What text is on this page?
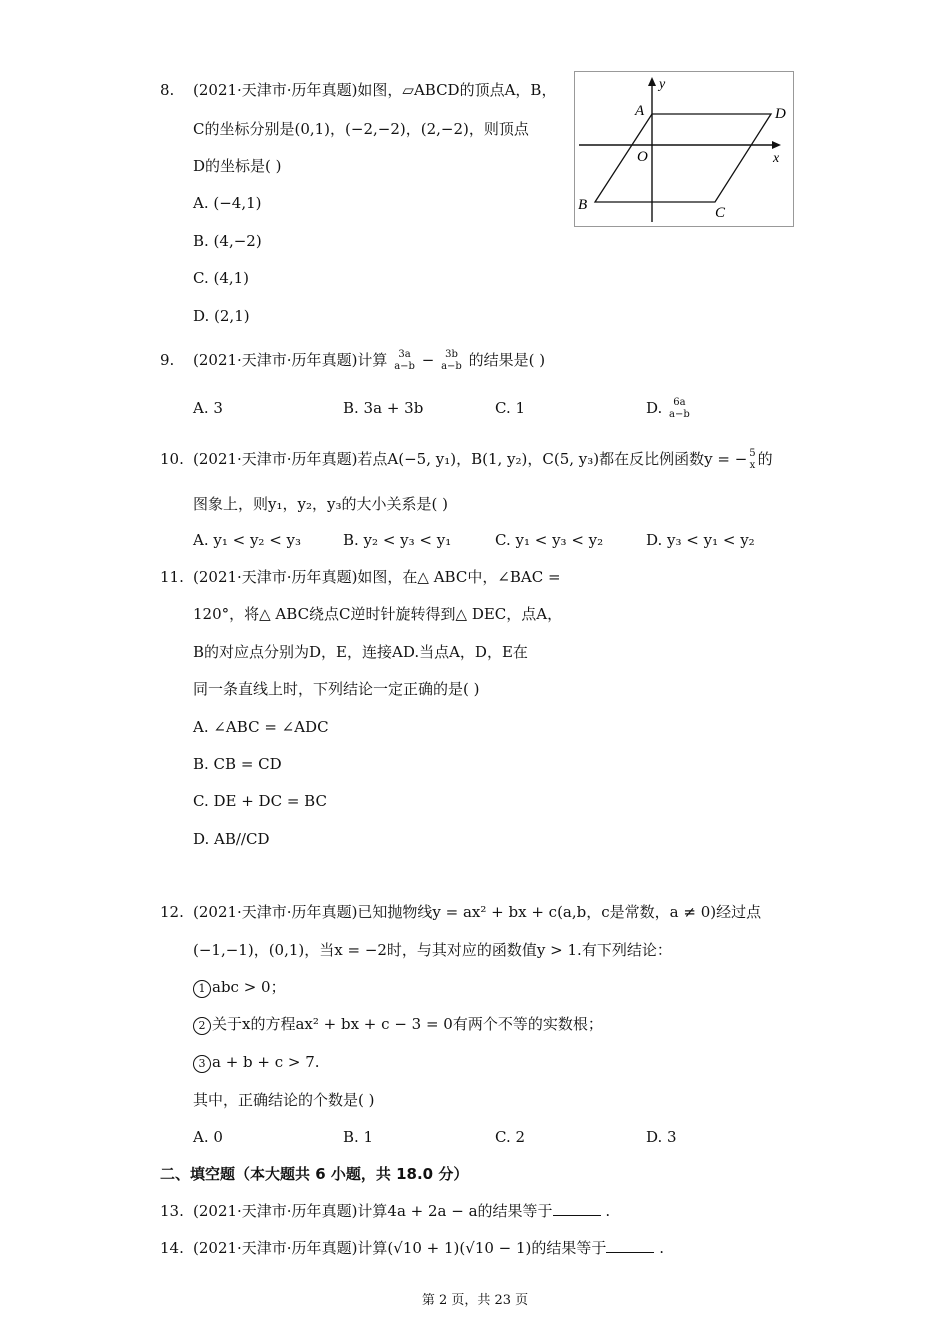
8. (2021·天津市·历年真题)如图，▱ABCD的顶点A，B，
C的坐标分别是(0,1)，(−2,−2)，(2,−2)，则顶点
D的坐标是( )
A. (−4,1)
B. (4,−2)
C. (4,1)
D. (2,1)
A	D
O	x
y
B	C
9. (2021·天津市·历年真题)计算	3a
a−b −	3b
a−b 的结果是( )
A. 3	B. 3a + 3b	C. 1	D.	6a
a−b
10. (2021·天津市·历年真题)若点A(−5, y₁)，B(1, y₂)，C(5, y₃)都在反比例函数y = − 5
x 的
图象上，则y₁，y₂，y₃的大小关系是( )
A. y₁ < y₂ < y₃	B. y₂ < y₃ < y₁	C. y₁ < y₃ < y₂	D. y₃ < y₁ < y₂
11. (2021·天津市·历年真题)如图，在△ ABC中，∠BAC =
120°，将△ ABC绕点C逆时针旋转得到△ DEC，点A，
B的对应点分别为D，E，连接AD.当点A，D，E在
同一条直线上时，下列结论一定正确的是( )
A. ∠ABC = ∠ADC
B. CB = CD
C. DE + DC = BC
D. AB//CD
12. (2021·天津市·历年真题)已知抛物线y = ax² + bx + c(a,b，c是常数，a ≠ 0)经过点
(−1,−1)，(0,1)，当x = −2时，与其对应的函数值y > 1.有下列结论：
1 abc > 0；
2 关于x的方程ax² + bx + c − 3 = 0有两个不等的实数根；
3 a + b + c > 7.
其中，正确结论的个数是( )
A. 0	B. 1	C. 2	D. 3
二、填空题（本大题共 6 小题，共 18.0 分）
13. (2021·天津市·历年真题)计算4a + 2a − a的结果等于	.
14. (2021·天津市·历年真题)计算(√10 + 1)(√10 − 1)的结果等于	.
第 2 页，共 23 页
